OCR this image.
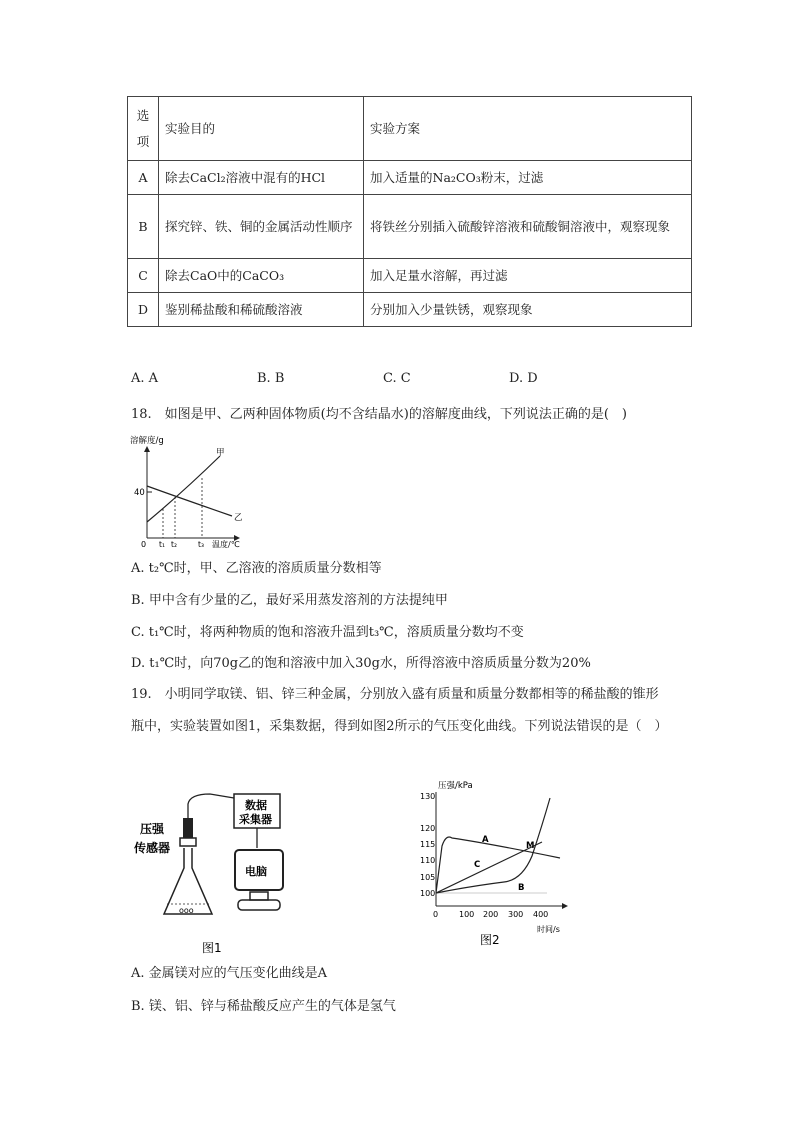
选
项	实验目的	实验方案
A	除去CaCl₂溶液中混有的HCl	加入适量的Na₂CO₃粉末，过滤
B	探究锌、铁、铜的金属活动性顺序	将铁丝分别插入硫酸锌溶液和硫酸铜溶液中，观察现象
C	除去CaO中的CaCO₃	加入足量水溶解，再过滤
D	鉴别稀盐酸和稀硫酸溶液	分别加入少量铁锈，观察现象
A. A	B. B	C. C	D. D
18.　如图是甲、乙两种固体物质(均不含结晶水)的溶解度曲线，下列说法正确的是(　)
溶解度/g
40
0
甲
乙
t₁ t₂	t₃ 温度/℃
A. t₂℃时，甲、乙溶液的溶质质量分数相等
B. 甲中含有少量的乙，最好采用蒸发溶剂的方法提纯甲
C. t₁℃时，将两种物质的饱和溶液升温到t₃℃，溶质质量分数均不变
D. t₁℃时，向70g乙的饱和溶液中加入30g水，所得溶液中溶质质量分数为20%
19.　小明同学取镁、铝、锌三种金属，分别放入盛有质量和质量分数都相等的稀盐酸的锥形
瓶中，实验装置如图1，采集数据，得到如图2所示的气压变化曲线。下列说法错误的是（　）
压强
传感器
ooo
数据
采集器
电脑
图1
压强/kPa
130
120
115
110
105
100
0	100 200 300 400
时间/s
A
B
C
M
图2
A. 金属镁对应的气压变化曲线是A
B. 镁、铝、锌与稀盐酸反应产生的气体是氢气
